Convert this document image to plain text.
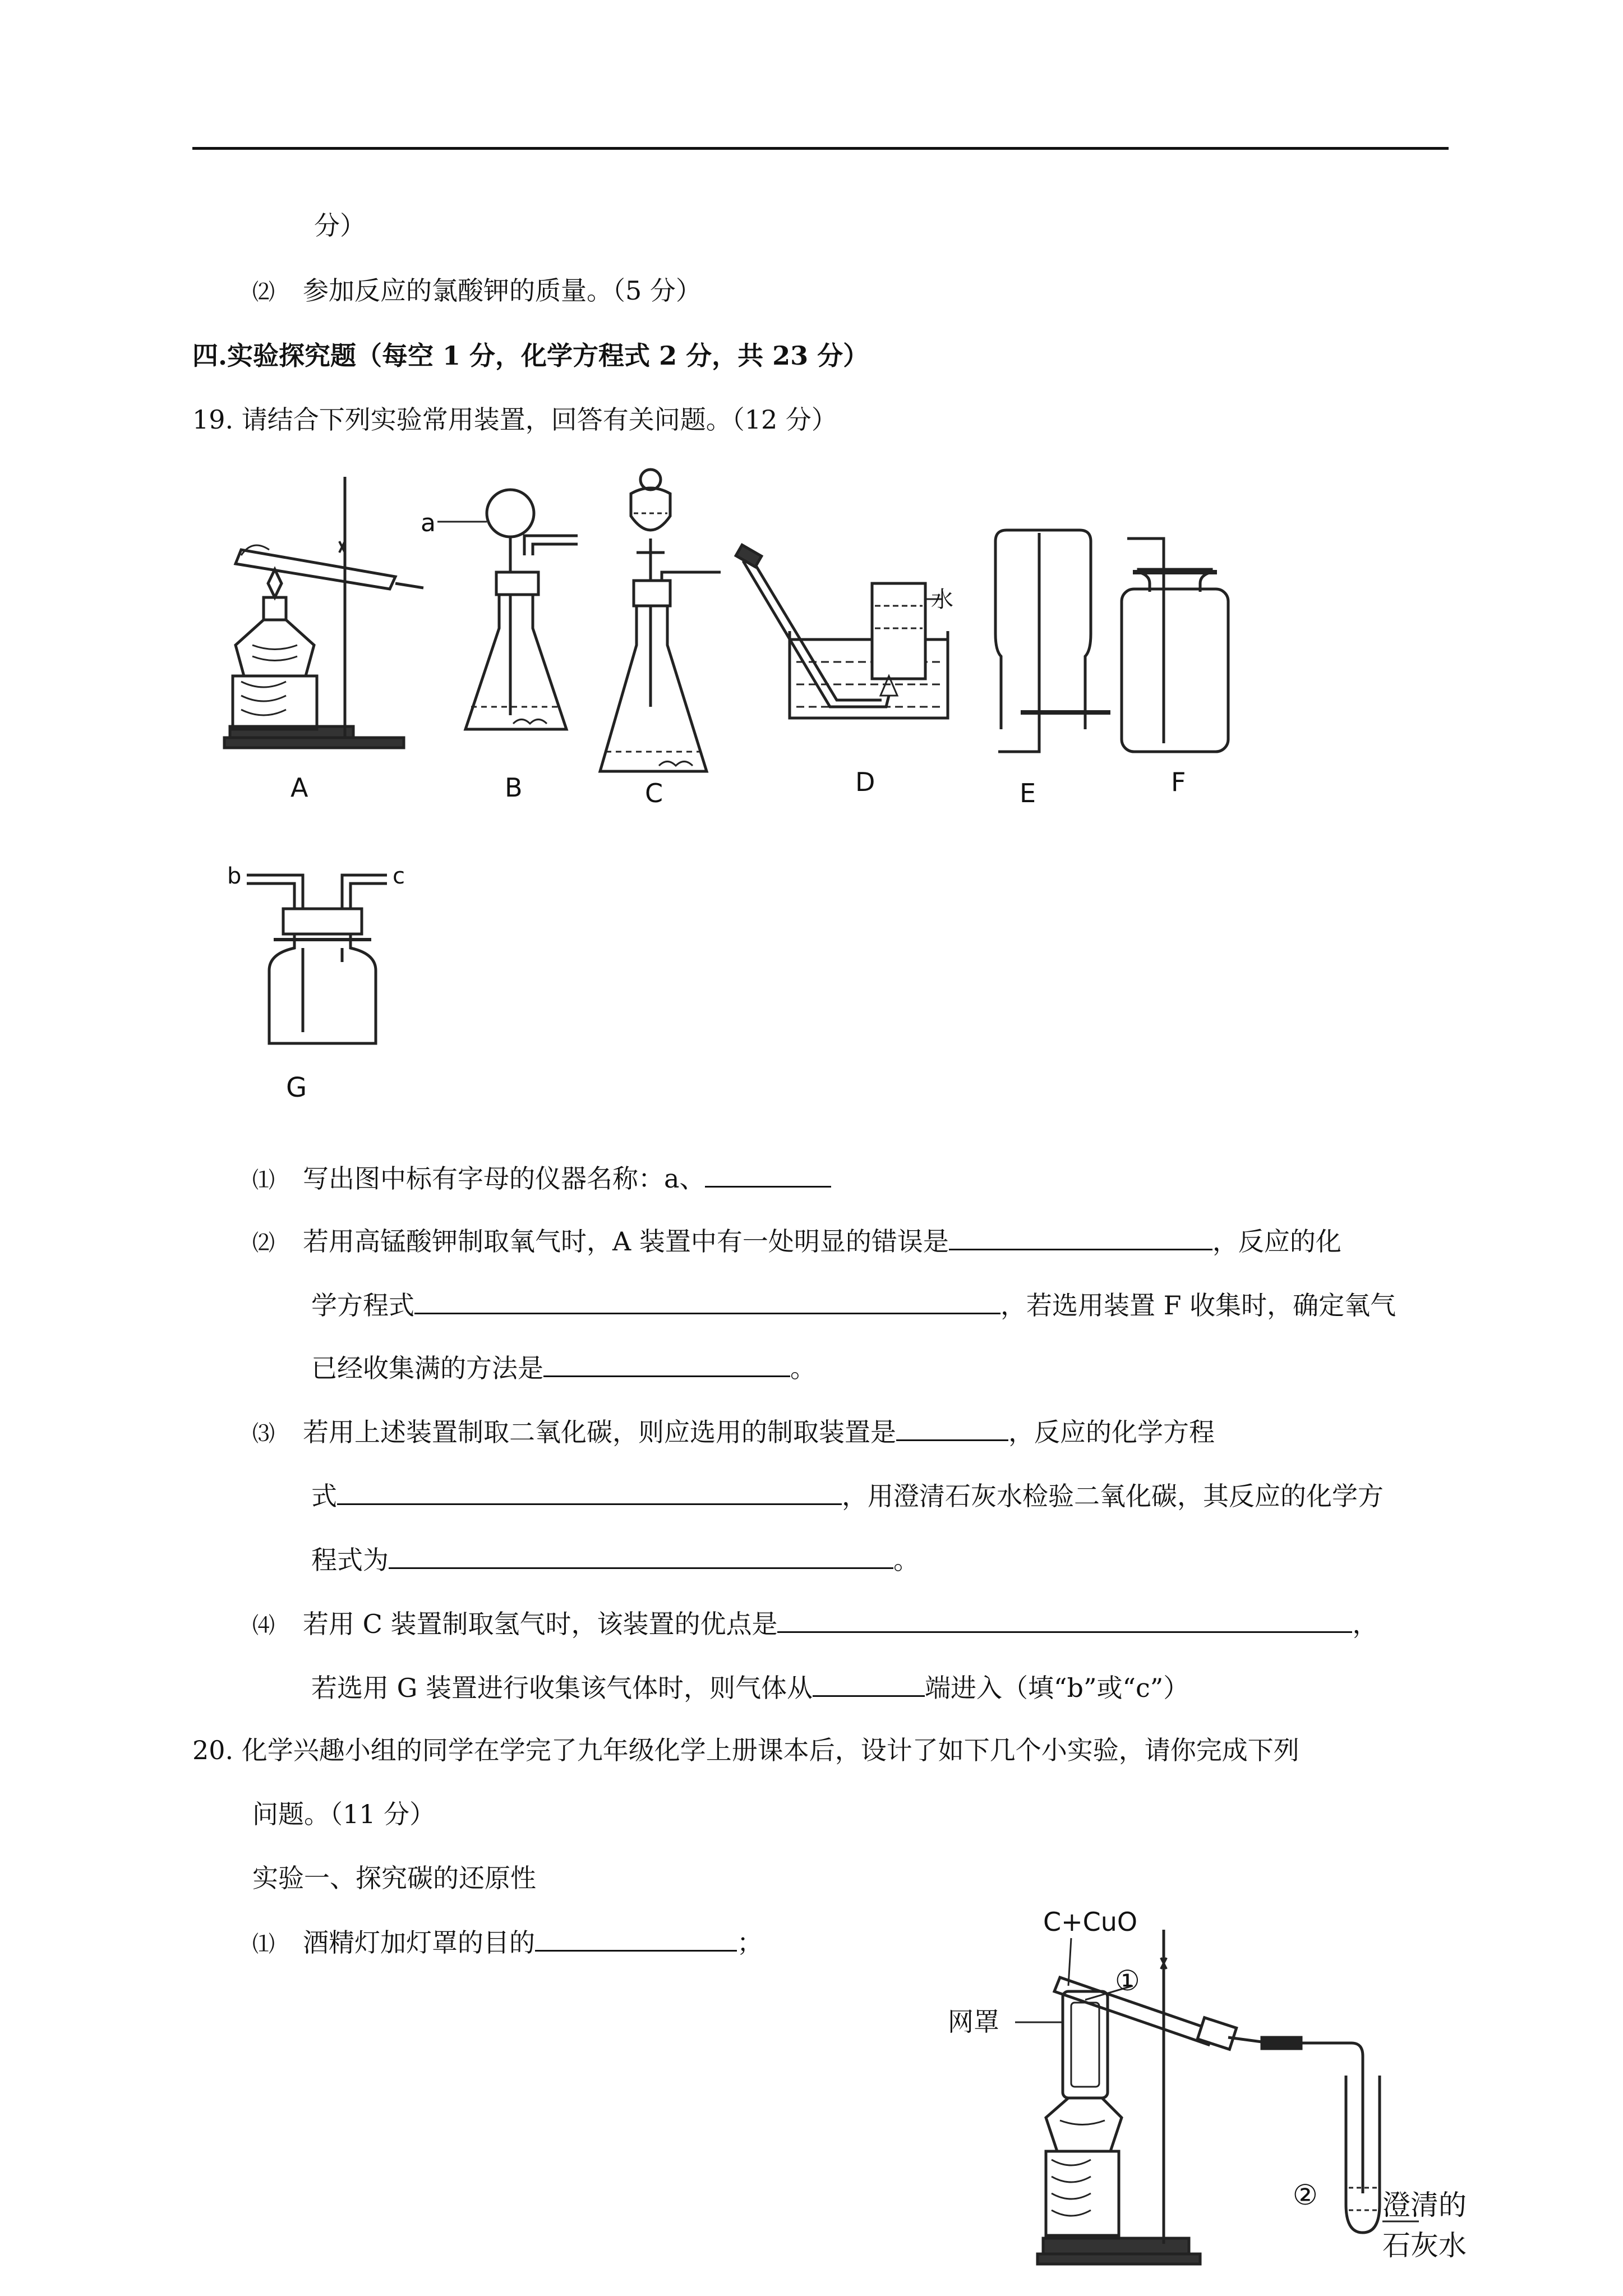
分）
⑵ 参加反应的氯酸钾的质量。（5 分）
四.实验探究题（每空 1 分，化学方程式 2 分，共 23 分）
19. 请结合下列实验常用装置，回答有关问题。（12 分）
A	B	C	D	E	F
G
a
水
b	c
⑴ 写出图中标有字母的仪器名称：a、
⑵ 若用高锰酸钾制取氧气时，A 装置中有一处明显的错误是	，反应的化
学方程式	，若选用装置 F 收集时，确定氧气
已经收集满的方法是	。
⑶ 若用上述装置制取二氧化碳，则应选用的制取装置是	，反应的化学方程
式	，用澄清石灰水检验二氧化碳，其反应的化学方
程式为	。
⑷ 若用 C 装置制取氢气时，该装置的优点是	，
若选用 G 装置进行收集该气体时，则气体从	端进入（填“b”或“c”）
20. 化学兴趣小组的同学在学完了九年级化学上册课本后，设计了如下几个小实验，请你完成下列
问题。（11 分）
实验一、探究碳的还原性
⑴ 酒精灯加灯罩的目的	；
C+CuO
①
网罩
② 澄清的
石灰水
